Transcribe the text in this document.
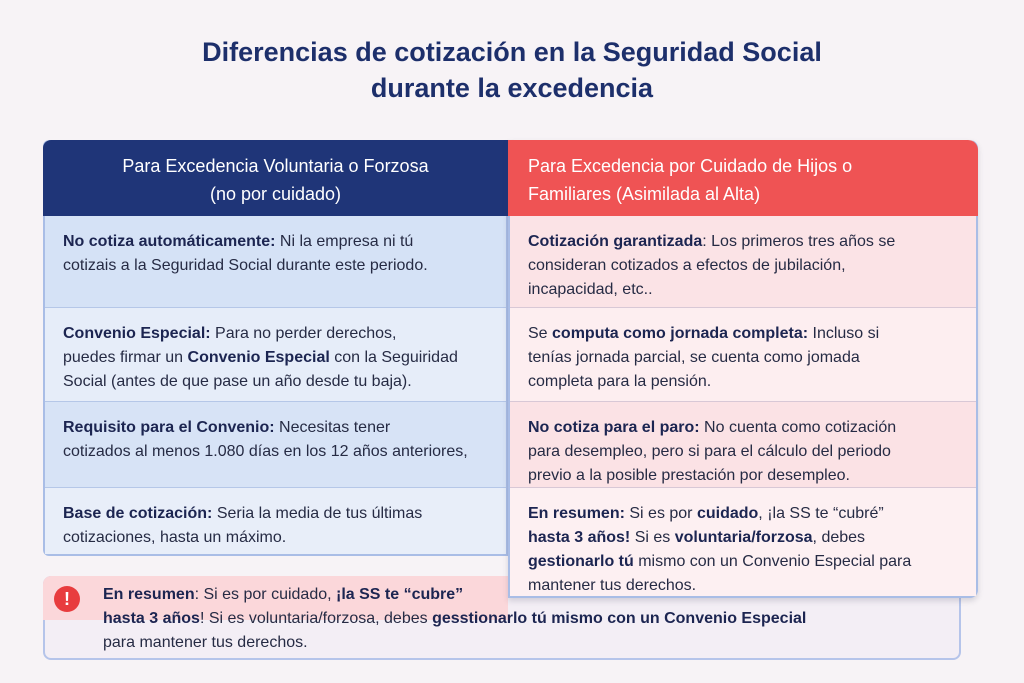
Diferencias de cotización en la Seguridad Social
durante la excedencia
Para Excedencia Voluntaria o Forzosa
(no por cuidado)
No cotiza automáticamente: Ni la empresa ni tú
cotizais a la Seguridad Social durante este periodo.
Convenio Especial: Para no perder derechos,
puedes firmar un Convenio Especial con la Seguiridad
Social (antes de que pase un año desde tu baja).
Requisito para el Convenio: Necesitas tener
cotizados al menos 1.080 días en los 12 años anteriores,
Base de cotización: Seria la media de tus últimas
cotizaciones, hasta un máximo.
!	En resumen: Si es por cuidado, ¡la SS te “cubre”
hasta 3 años! Si es voluntaria/forzosa, debes gesstionarlo tú mismo con un Convenio Especial
para mantener tus derechos.
Para Excedencia por Cuidado de Hijos o
Familiares (Asimilada al Alta)
Cotización garantizada: Los primeros tres años se
consideran cotizados a efectos de jubilación,
incapacidad, etc..
Se computa como jornada completa: Incluso si
tenías jornada parcial, se cuenta como jomada
completa para la pensión.
No cotiza para el paro: No cuenta como cotización
para desempleo, pero si para el cálculo del periodo
previo a la posible prestación por desempleo.
En resumen: Si es por cuidado, ¡la SS te “cubré”
hasta 3 años! Si es voluntaria/forzosa, debes
gestionarlo tú mismo con un Convenio Especial para
mantener tus derechos.
